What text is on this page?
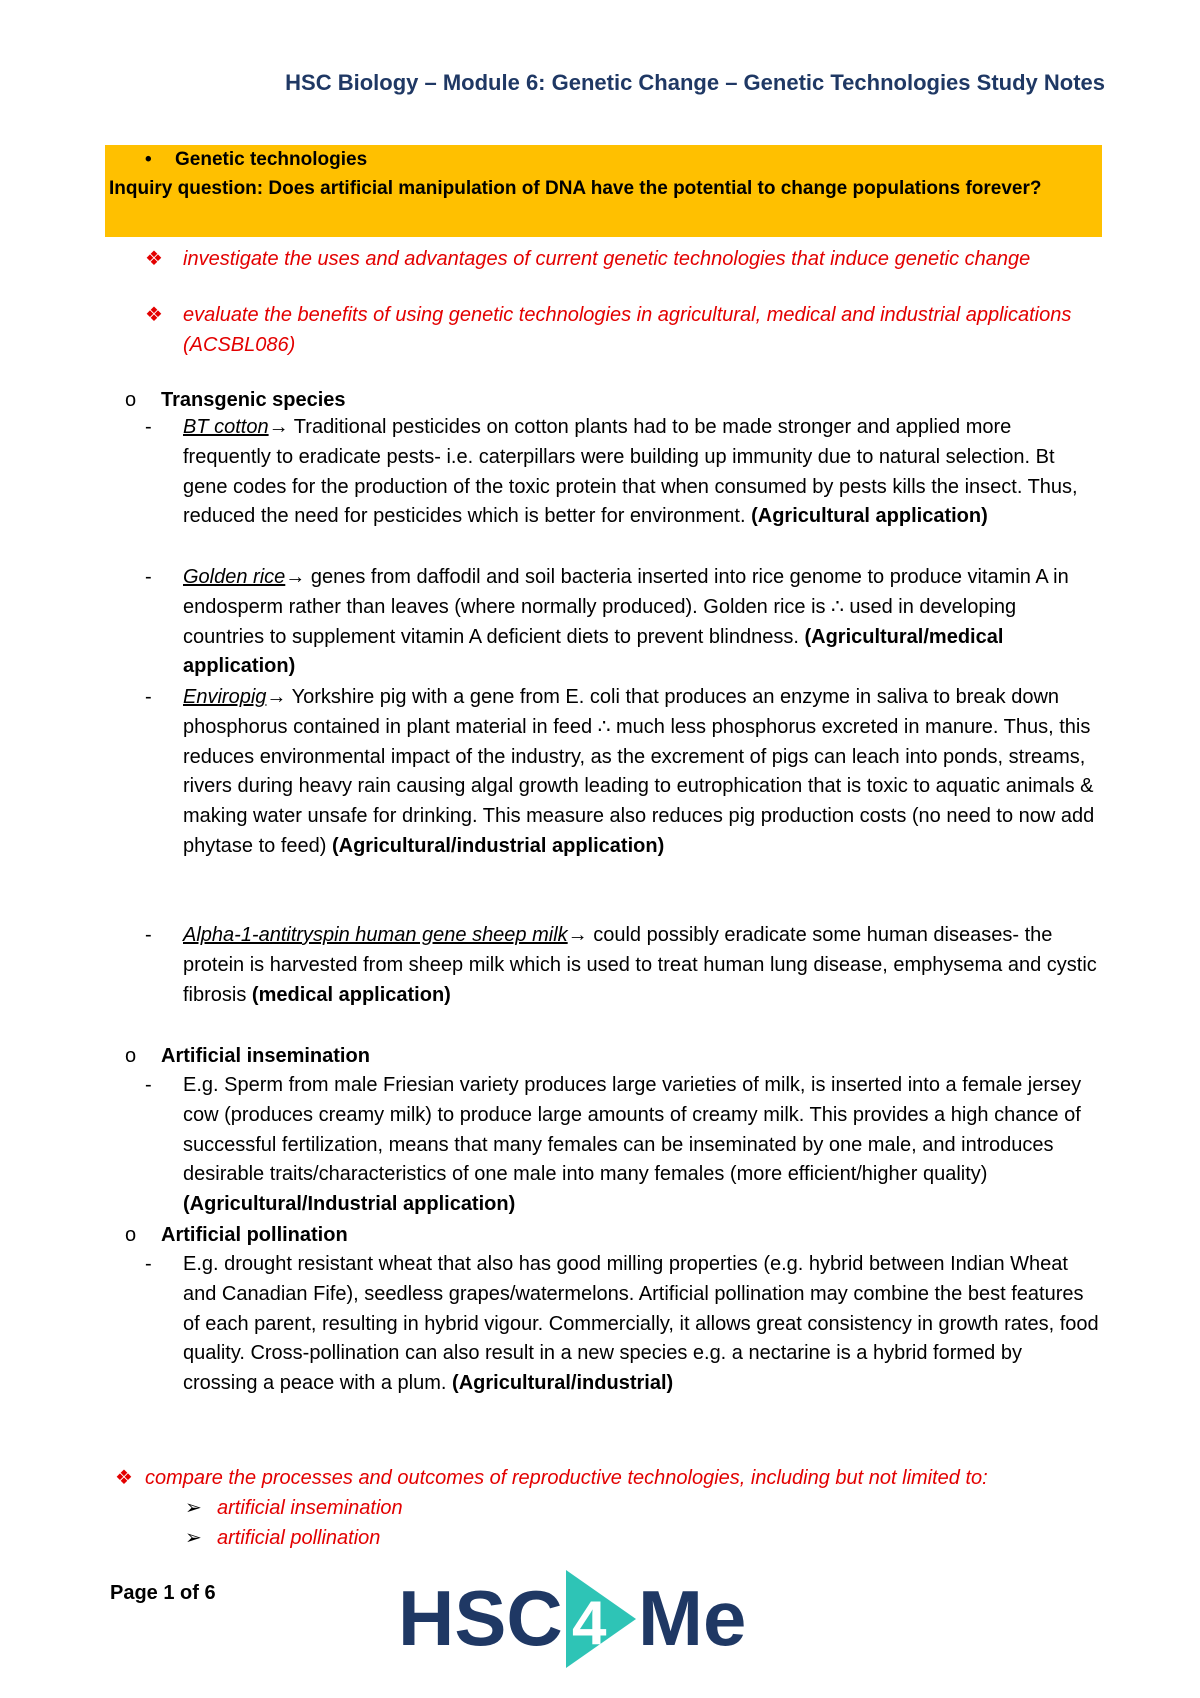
HSC Biology – Module 6: Genetic Change – Genetic Technologies Study Notes
• Genetic technologies
Inquiry question: Does artificial manipulation of DNA have the potential to change populations forever?
❖ investigate the uses and advantages of current genetic technologies that induce genetic change
❖ evaluate the benefits of using genetic technologies in agricultural, medical and industrial applications (ACSBL086)
o Transgenic species
- BT cotton→ Traditional pesticides on cotton plants had to be made stronger and applied more frequently to eradicate pests- i.e. caterpillars were building up immunity due to natural selection. Bt gene codes for the production of the toxic protein that when consumed by pests kills the insect. Thus, reduced the need for pesticides which is better for environment. (Agricultural application)
- Golden rice→ genes from daffodil and soil bacteria inserted into rice genome to produce vitamin A in endosperm rather than leaves (where normally produced). Golden rice is ∴ used in developing countries to supplement vitamin A deficient diets to prevent blindness. (Agricultural/medical application)
- Enviropig→ Yorkshire pig with a gene from E. coli that produces an enzyme in saliva to break down phosphorus contained in plant material in feed ∴ much less phosphorus excreted in manure. Thus, this reduces environmental impact of the industry, as the excrement of pigs can leach into ponds, streams, rivers during heavy rain causing algal growth leading to eutrophication that is toxic to aquatic animals & making water unsafe for drinking. This measure also reduces pig production costs (no need to now add phytase to feed) (Agricultural/industrial application)
- Alpha-1-antitryspin human gene sheep milk→ could possibly eradicate some human diseases- the protein is harvested from sheep milk which is used to treat human lung disease, emphysema and cystic fibrosis (medical application)
o Artificial insemination
- E.g. Sperm from male Friesian variety produces large varieties of milk, is inserted into a female jersey cow (produces creamy milk) to produce large amounts of creamy milk. This provides a high chance of successful fertilization, means that many females can be inseminated by one male, and introduces desirable traits/characteristics of one male into many females (more efficient/higher quality) (Agricultural/Industrial application)
o Artificial pollination
- E.g. drought resistant wheat that also has good milling properties (e.g. hybrid between Indian Wheat and Canadian Fife), seedless grapes/watermelons. Artificial pollination may combine the best features of each parent, resulting in hybrid vigour. Commercially, it allows great consistency in growth rates, food quality. Cross-pollination can also result in a new species e.g. a nectarine is a hybrid formed by crossing a peace with a plum. (Agricultural/industrial)
❖ compare the processes and outcomes of reproductive technologies, including but not limited to:
➢ artificial insemination
➢ artificial pollination
Page 1 of 6 HSC 4 Me
